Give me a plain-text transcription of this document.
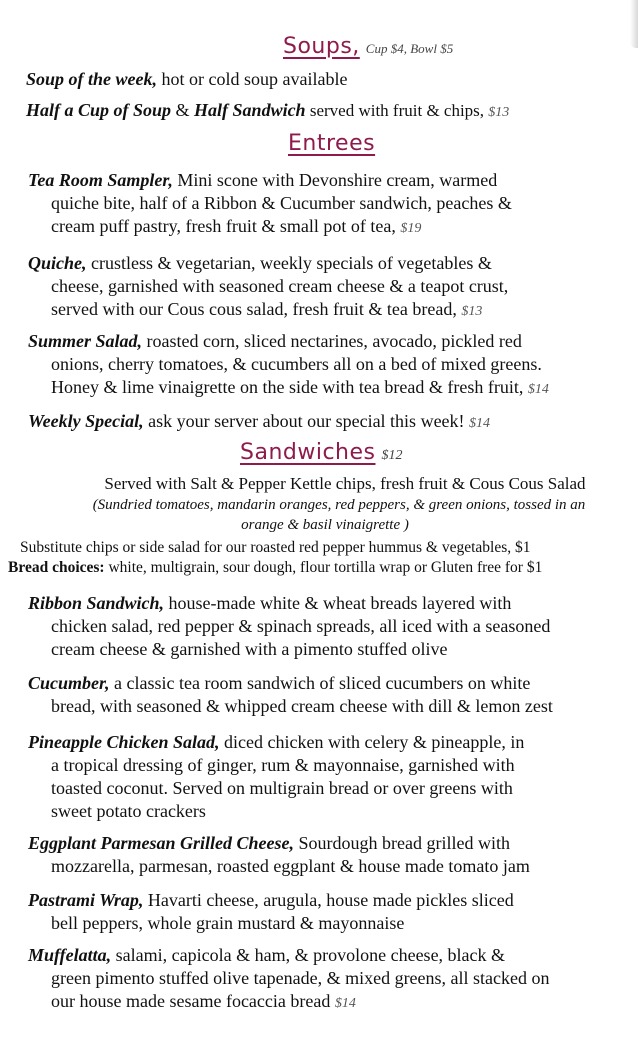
Soups, Cup $4, Bowl $5
Soup of the week, hot or cold soup available
Half a Cup of Soup & Half Sandwich served with fruit & chips, $13
Entrees
Tea Room Sampler, Mini scone with Devonshire cream, warmed
quiche bite, half of a Ribbon & Cucumber sandwich, peaches &
cream puff pastry, fresh fruit & small pot of tea, $19
Quiche, crustless & vegetarian, weekly specials of vegetables &
cheese, garnished with seasoned cream cheese & a teapot crust,
served with our Cous cous salad, fresh fruit & tea bread, $13
Summer Salad, roasted corn, sliced nectarines, avocado, pickled red
onions, cherry tomatoes, & cucumbers all on a bed of mixed greens.
Honey & lime vinaigrette on the side with tea bread & fresh fruit, $14
Weekly Special, ask your server about our special this week! $14
Sandwiches $12
Served with Salt & Pepper Kettle chips, fresh fruit & Cous Cous Salad
(Sundried tomatoes, mandarin oranges, red peppers, & green onions, tossed in an
orange & basil vinaigrette )
Substitute chips or side salad for our roasted red pepper hummus & vegetables, $1
Bread choices: white, multigrain, sour dough, flour tortilla wrap or Gluten free for $1
Ribbon Sandwich, house-made white & wheat breads layered with
chicken salad, red pepper & spinach spreads, all iced with a seasoned
cream cheese & garnished with a pimento stuffed olive
Cucumber, a classic tea room sandwich of sliced cucumbers on white
bread, with seasoned & whipped cream cheese with dill & lemon zest
Pineapple Chicken Salad, diced chicken with celery & pineapple, in
a tropical dressing of ginger, rum & mayonnaise, garnished with
toasted coconut. Served on multigrain bread or over greens with
sweet potato crackers
Eggplant Parmesan Grilled Cheese, Sourdough bread grilled with
mozzarella, parmesan, roasted eggplant & house made tomato jam
Pastrami Wrap, Havarti cheese, arugula, house made pickles sliced
bell peppers, whole grain mustard & mayonnaise
Muffelatta, salami, capicola & ham, & provolone cheese, black &
green pimento stuffed olive tapenade, & mixed greens, all stacked on
our house made sesame focaccia bread $14
